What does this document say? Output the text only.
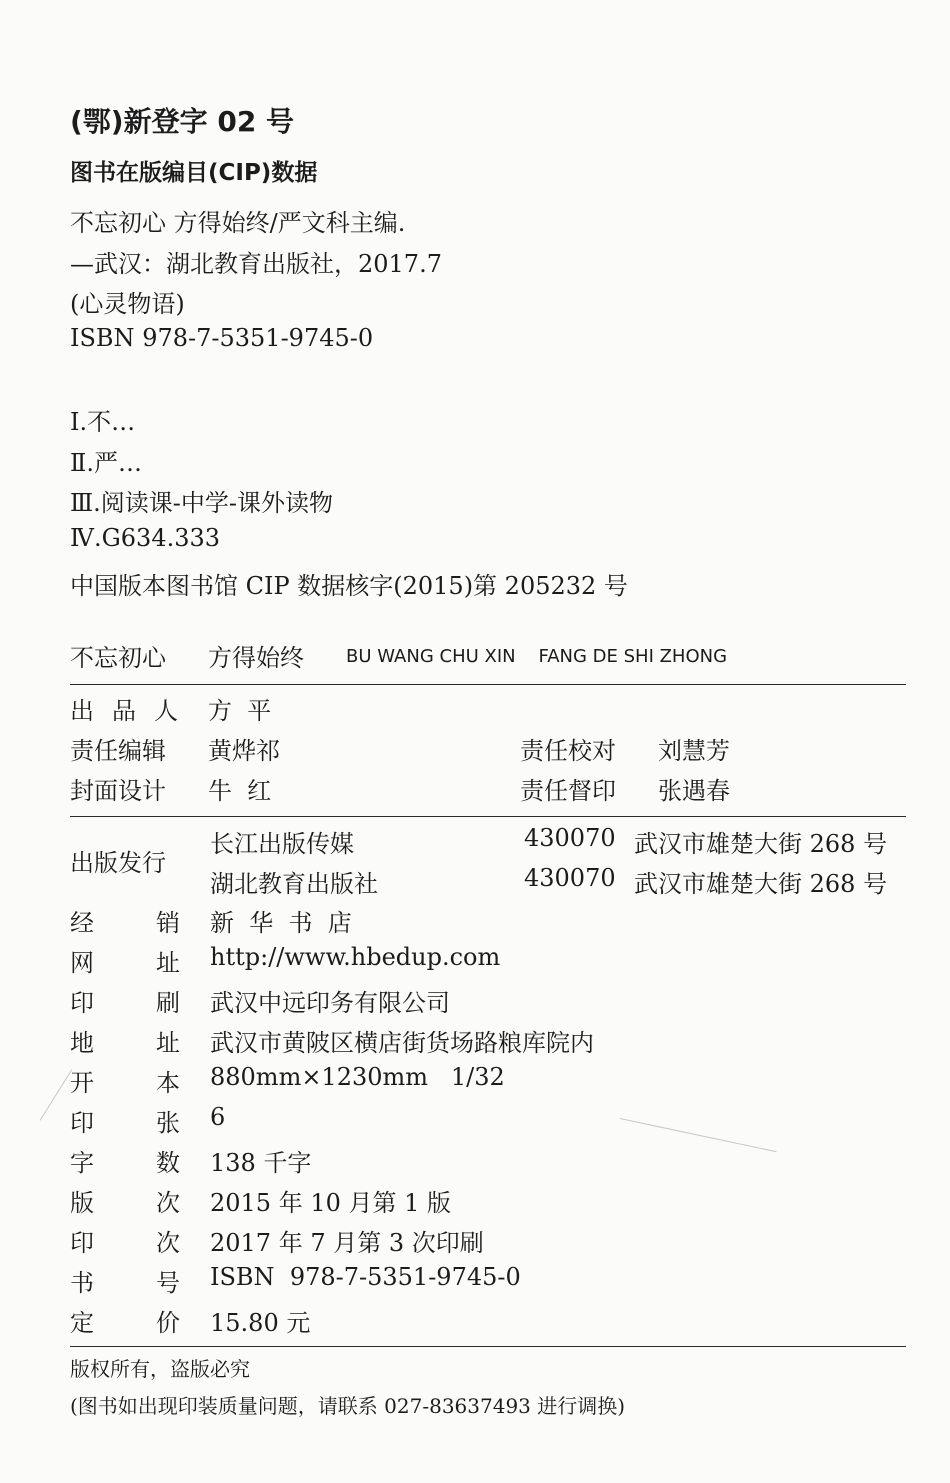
(鄂)新登字 02 号
图书在版编目(CIP)数据
不忘初心 方得始终/严文科主编.
—武汉：湖北教育出版社，2017.7
(心灵物语)
ISBN 978-7-5351-9745-0
Ⅰ.不…
Ⅱ.严…
Ⅲ.阅读课-中学-课外读物
Ⅳ.G634.333
中国版本图书馆 CIP 数据核字(2015)第 205232 号
不忘初心 方得始终 BU WANG CHU XIN    FANG DE SHI ZHONG
出 品 人 方  平
责任编辑 黄烨祁	责任校对 刘慧芳
封面设计 牛  红	责任督印 张遇春
出版发行
长江出版传媒	430070 武汉市雄楚大街 268 号
湖北教育出版社	430070 武汉市雄楚大街 268 号
经	销 新  华  书  店
网	址 http://www.hbedup.com
印	刷 武汉中远印务有限公司
地	址 武汉市黄陂区横店街货场路粮库院内
开	本 880mm×1230mm   1/32
印	张 6
字	数 138 千字
版	次 2015 年 10 月第 1 版
印	次 2017 年 7 月第 3 次印刷
书	号 ISBN  978-7-5351-9745-0
定	价 15.80 元
版权所有，盗版必究
(图书如出现印装质量问题，请联系 027-83637493 进行调换)
